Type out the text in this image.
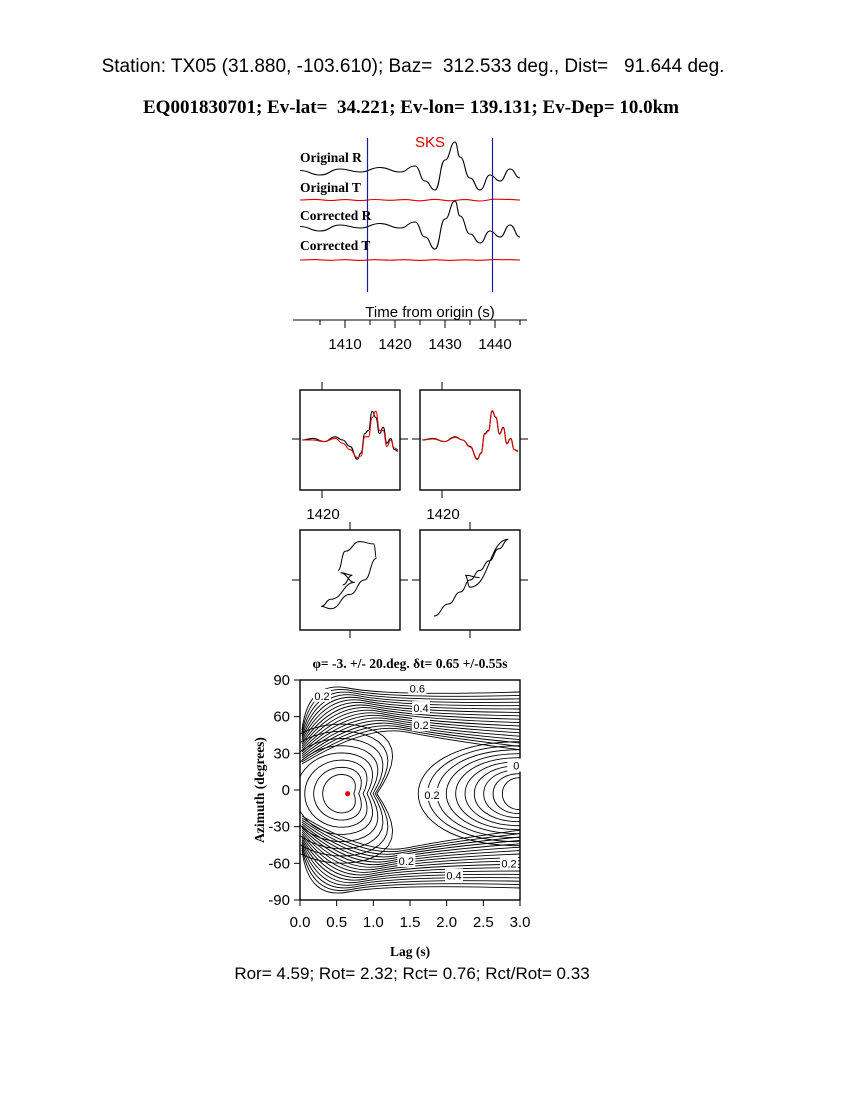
Station: TX05 (31.880, -103.610); Baz=  312.533 deg., Dist=   91.644 deg.
EQ001830701; Ev-lat=  34.221; Ev-lon= 139.131; Ev-Dep= 10.0km
SKS
Original R
Original T
Corrected R
Corrected T
Time from origin (s)
1410 1420 1430 1440
1420	1420
φ= -3. +/- 20.deg. δt= 0.65 +/-0.55s
0.2
0.6
0.4
0.2
0
0.2
0.2
0.4
0.2
0.0 0.5 1.0 1.5 2.0 2.5 3.0
90
60
30
0
-30
-60
-90
Lag (s)
Azimuth (degrees)
Ror= 4.59; Rot= 2.32; Rct= 0.76; Rct/Rot= 0.33
